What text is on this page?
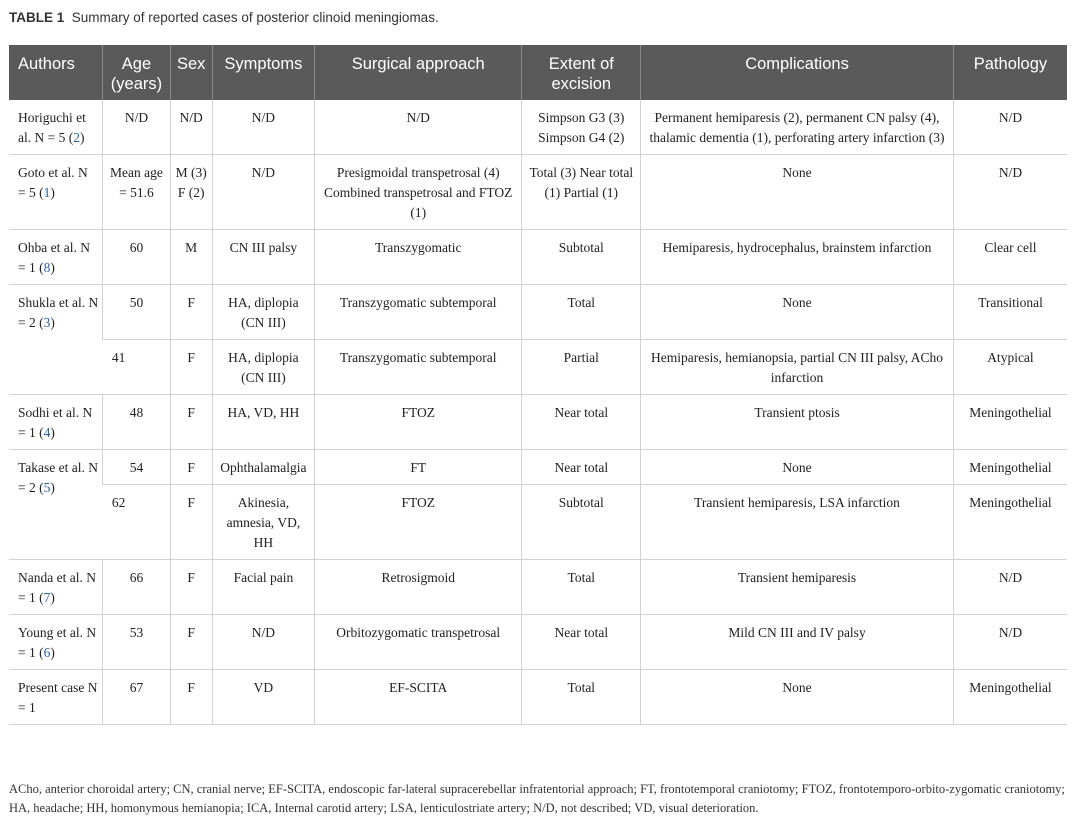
TABLE 1 Summary of reported cases of posterior clinoid meningiomas.
Authors	Age (years)	Sex	Symptoms	Surgical approach	Extent of excision	Complications	Pathology
Horiguchi et al. N = 5 (2)	N/D	N/D	N/D	N/D	Simpson G3 (3) Simpson G4 (2)	Permanent hemiparesis (2), permanent CN palsy (4), thalamic dementia (1), perforating artery infarction (3)	N/D
Goto et al. N = 5 (1)	Mean age = 51.6	M (3) F (2)	N/D	Presigmoidal transpetrosal (4) Combined transpetrosal and FTOZ (1)	Total (3) Near total (1) Partial (1)	None	N/D
Ohba et al. N = 1 (8)	60	M	CN III palsy	Transzygomatic	Subtotal	Hemiparesis, hydrocephalus, brainstem infarction	Clear cell
Shukla et al. N = 2 (3)	50	F	HA, diplopia (CN III)	Transzygomatic subtemporal	Total	None	Transitional
	41	F	HA, diplopia (CN III)	Transzygomatic subtemporal	Partial	Hemiparesis, hemianopsia, partial CN III palsy, ACho infarction	Atypical
Sodhi et al. N = 1 (4)	48	F	HA, VD, HH	FTOZ	Near total	Transient ptosis	Meningothelial
Takase et al. N = 2 (5)	54	F	Ophthalamalgia	FT	Near total	None	Meningothelial
	62	F	Akinesia, amnesia, VD, HH	FTOZ	Subtotal	Transient hemiparesis, LSA infarction	Meningothelial
Nanda et al. N = 1 (7)	66	F	Facial pain	Retrosigmoid	Total	Transient hemiparesis	N/D
Young et al. N = 1 (6)	53	F	N/D	Orbitozygomatic transpetrosal	Near total	Mild CN III and IV palsy	N/D
Present case N = 1	67	F	VD	EF-SCITA	Total	None	Meningothelial
ACho, anterior choroidal artery; CN, cranial nerve; EF-SCITA, endoscopic far-lateral supracerebellar infratentorial approach; FT, frontotemporal craniotomy; FTOZ, frontotemporo-orbito-zygomatic craniotomy; HA, headache; HH, homonymous hemianopia; ICA, Internal carotid artery; LSA, lenticulostriate artery; N/D, not described; VD, visual deterioration.
